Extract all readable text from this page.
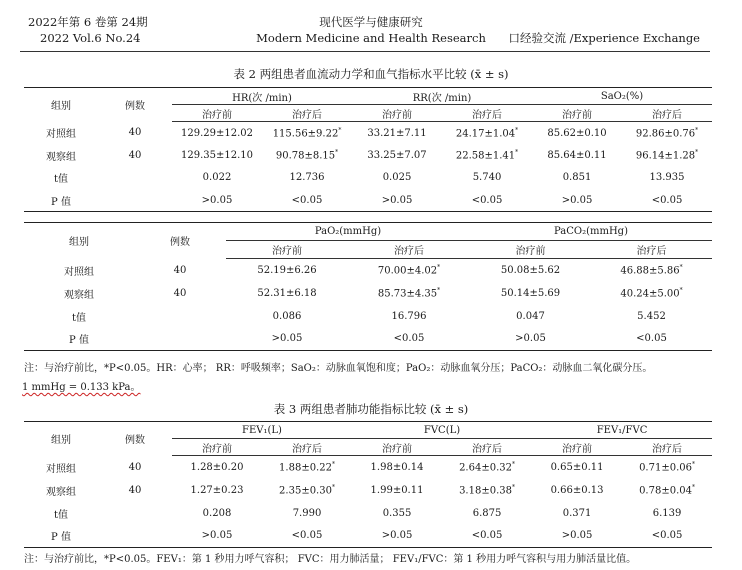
2022年第 6 卷第 24期
2022 Vol.6 No.24
现代医学与健康研究
Modern Medicine and Health Research	口经验交流 /Experience Exchange
表 2 两组患者血流动力学和血气指标水平比较 (x̄ ± s)
组别	例数	HR(次 /min)		RR(次 /min)		SaO₂(%)	
		治疗前	治疗后	治疗前	治疗后	治疗前	治疗后
对照组	40	129.29±12.02	115.56±9.22*	33.21±7.11	24.17±1.04*	85.62±0.10	92.86±0.76*
观察组	40	129.35±12.10	90.78±8.15*	33.25±7.07	22.58±1.41*	85.64±0.11	96.14±1.28*
t值		0.022	12.736	0.025	5.740	0.851	13.935
P 值		>0.05	<0.05	>0.05	<0.05	>0.05	<0.05
组别	例数	PaO₂(mmHg)		PaCO₂(mmHg)	
		治疗前	治疗后	治疗前	治疗后
对照组	40	52.19±6.26	70.00±4.02*	50.08±5.62	46.88±5.86*
观察组	40	52.31±6.18	85.73±4.35*	50.14±5.69	40.24±5.00*
t值		0.086	16.796	0.047	5.452
P 值		>0.05	<0.05	>0.05	<0.05
注：与治疗前比，*P<0.05。HR：心率； RR：呼吸频率；SaO₂：动脉血氧饱和度；PaO₂：动脉血氧分压；PaCO₂：动脉血二氧化碳分压。
1 mmHg = 0.133 kPa。
表 3 两组患者肺功能指标比较 (x̄ ± s)
组别	例数	FEV₁(L)		FVC(L)		FEV₁/FVC	
		治疗前	治疗后	治疗前	治疗后	治疗前	治疗后
对照组	40	1.28±0.20	1.88±0.22*	1.98±0.14	2.64±0.32*	0.65±0.11	0.71±0.06*
观察组	40	1.27±0.23	2.35±0.30*	1.99±0.11	3.18±0.38*	0.66±0.13	0.78±0.04*
t值		0.208	7.990	0.355	6.875	0.371	6.139
P 值		>0.05	<0.05	>0.05	<0.05	>0.05	<0.05
注：与治疗前比，*P<0.05。FEV₁：第 1 秒用力呼气容积； FVC：用力肺活量； FEV₁/FVC：第 1 秒用力呼气容积与用力肺活量比值。
